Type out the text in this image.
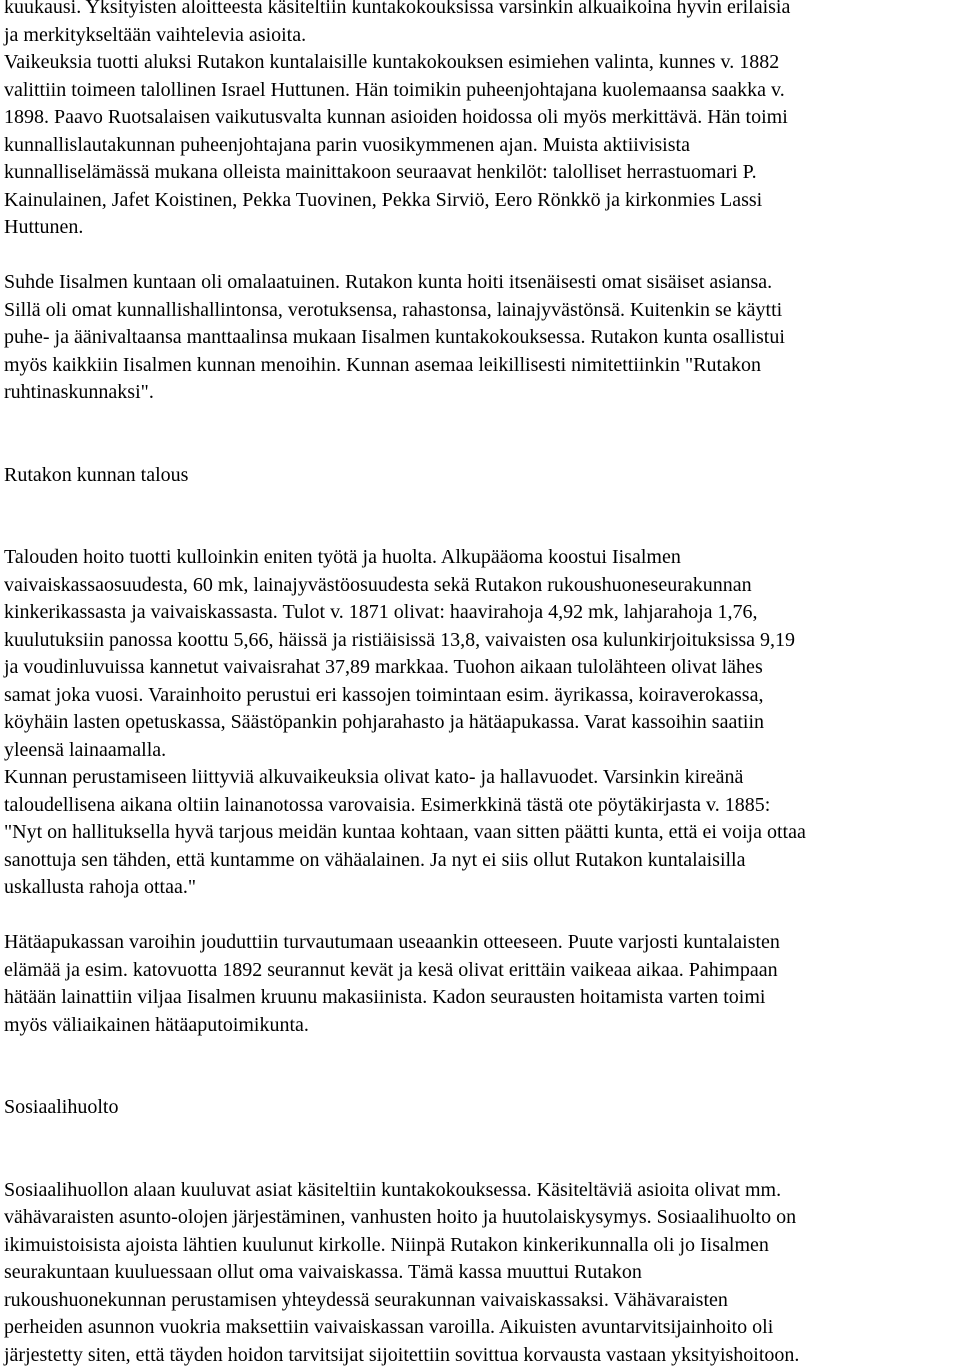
kuukausi. Yksityisten aloitteesta käsiteltiin kuntakokouksissa varsinkin alkuaikoina hyvin erilaisia
ja merkitykseltään vaihtelevia asioita.
Vaikeuksia tuotti aluksi Rutakon kuntalaisille kuntakokouksen esimiehen valinta, kunnes v. 1882
valittiin toimeen talollinen Israel Huttunen. Hän toimikin puheenjohtajana kuolemaansa saakka v.
1898. Paavo Ruotsalaisen vaikutusvalta kunnan asioiden hoidossa oli myös merkittävä. Hän toimi
kunnallislautakunnan puheenjohtajana parin vuosikymmenen ajan. Muista aktiivisista
kunnalliselämässä mukana olleista mainittakoon seuraavat henkilöt: talolliset herrastuomari P.
Kainulainen, Jafet Koistinen, Pekka Tuovinen, Pekka Sirviö, Eero Rönkkö ja kirkonmies Lassi
Huttunen.
Suhde Iisalmen kuntaan oli omalaatuinen. Rutakon kunta hoiti itsenäisesti omat sisäiset asiansa.
Sillä oli omat kunnallishallintonsa, verotuksensa, rahastonsa, lainajyvästönsä. Kuitenkin se käytti
puhe- ja äänivaltaansa manttaalinsa mukaan Iisalmen kuntakokouksessa. Rutakon kunta osallistui
myös kaikkiin Iisalmen kunnan menoihin. Kunnan asemaa leikillisesti nimitettiinkin "Rutakon
ruhtinaskunnaksi".
Rutakon kunnan talous
Talouden hoito tuotti kulloinkin eniten työtä ja huolta. Alkupääoma koostui Iisalmen
vaivaiskassaosuudesta, 60 mk, lainajyvästöosuudesta sekä Rutakon rukoushuoneseurakunnan
kinkerikassasta ja vaivaiskassasta. Tulot v. 1871 olivat: haavirahoja 4,92 mk, lahjarahoja 1,76,
kuulutuksiin panossa koottu 5,66, häissä ja ristiäisissä 13,8, vaivaisten osa kulunkirjoituksissa 9,19
ja voudinluvuissa kannetut vaivaisrahat 37,89 markkaa. Tuohon aikaan tulolähteen olivat lähes
samat joka vuosi. Varainhoito perustui eri kassojen toimintaan esim. äyrikassa, koiraverokassa,
köyhäin lasten opetuskassa, Säästöpankin pohjarahasto ja hätäapukassa. Varat kassoihin saatiin
yleensä lainaamalla.
Kunnan perustamiseen liittyviä alkuvaikeuksia olivat kato- ja hallavuodet. Varsinkin kireänä
taloudellisena aikana oltiin lainanotossa varovaisia. Esimerkkinä tästä ote pöytäkirjasta v. 1885:
"Nyt on hallituksella hyvä tarjous meidän kuntaa kohtaan, vaan sitten päätti kunta, että ei voija ottaa
sanottuja sen tähden, että kuntamme on vähäalainen. Ja nyt ei siis ollut Rutakon kuntalaisilla
uskallusta rahoja ottaa."
Hätäapukassan varoihin jouduttiin turvautumaan useaankin otteeseen. Puute varjosti kuntalaisten
elämää ja esim. katovuotta 1892 seurannut kevät ja kesä olivat erittäin vaikeaa aikaa. Pahimpaan
hätään lainattiin viljaa Iisalmen kruunu makasiinista. Kadon seurausten hoitamista varten toimi
myös väliaikainen hätäaputoimikunta.
Sosiaalihuolto
Sosiaalihuollon alaan kuuluvat asiat käsiteltiin kuntakokouksessa. Käsiteltäviä asioita olivat mm.
vähävaraisten asunto-olojen järjestäminen, vanhusten hoito ja huutolaiskysymys. Sosiaalihuolto on
ikimuistoisista ajoista lähtien kuulunut kirkolle. Niinpä Rutakon kinkerikunnalla oli jo Iisalmen
seurakuntaan kuuluessaan ollut oma vaivaiskassa. Tämä kassa muuttui Rutakon
rukoushuonekunnan perustamisen yhteydessä seurakunnan vaivaiskassaksi. Vähävaraisten
perheiden asunnon vuokria maksettiin vaivaiskassan varoilla. Aikuisten avuntarvitsijainhoito oli
järjestetty siten, että täyden hoidon tarvitsijat sijoitettiin sovittua korvausta vastaan yksityishoitoon.
